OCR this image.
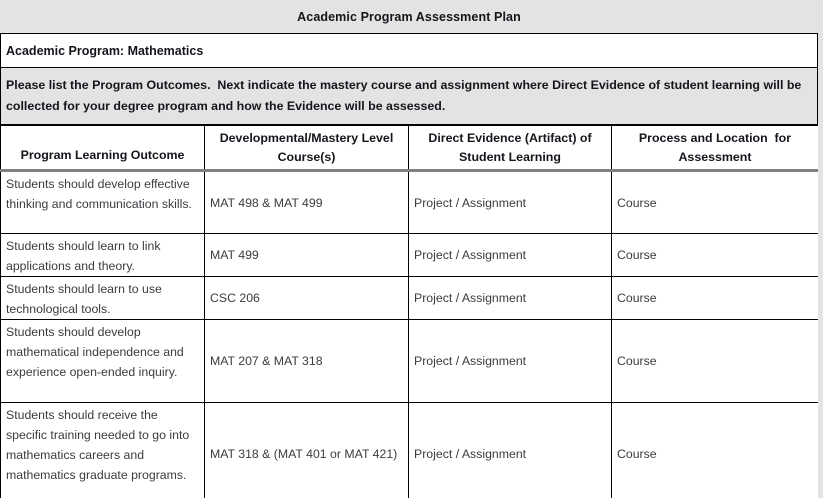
Academic Program Assessment Plan
Academic Program: Mathematics
Please list the Program Outcomes.  Next indicate the mastery course and assignment where Direct Evidence of student learning will be collected for your degree program and how the Evidence will be assessed.
Program Learning Outcome	Developmental/Mastery Level Course(s)	Direct Evidence (Artifact) of Student Learning	Process and Location  for Assessment
Students should develop effective thinking and communication skills.	MAT 498 & MAT 499	Project / Assignment	Course
Students should learn to link applications and theory.	MAT 499	Project / Assignment	Course
Students should learn to use technological tools.	CSC 206	Project / Assignment	Course
Students should develop mathematical independence and experience open-ended inquiry.	MAT 207 & MAT 318	Project / Assignment	Course
Students should receive the specific training needed to go into mathematics careers and mathematics graduate programs.	MAT 318 & (MAT 401 or MAT 421)	Project / Assignment	Course
